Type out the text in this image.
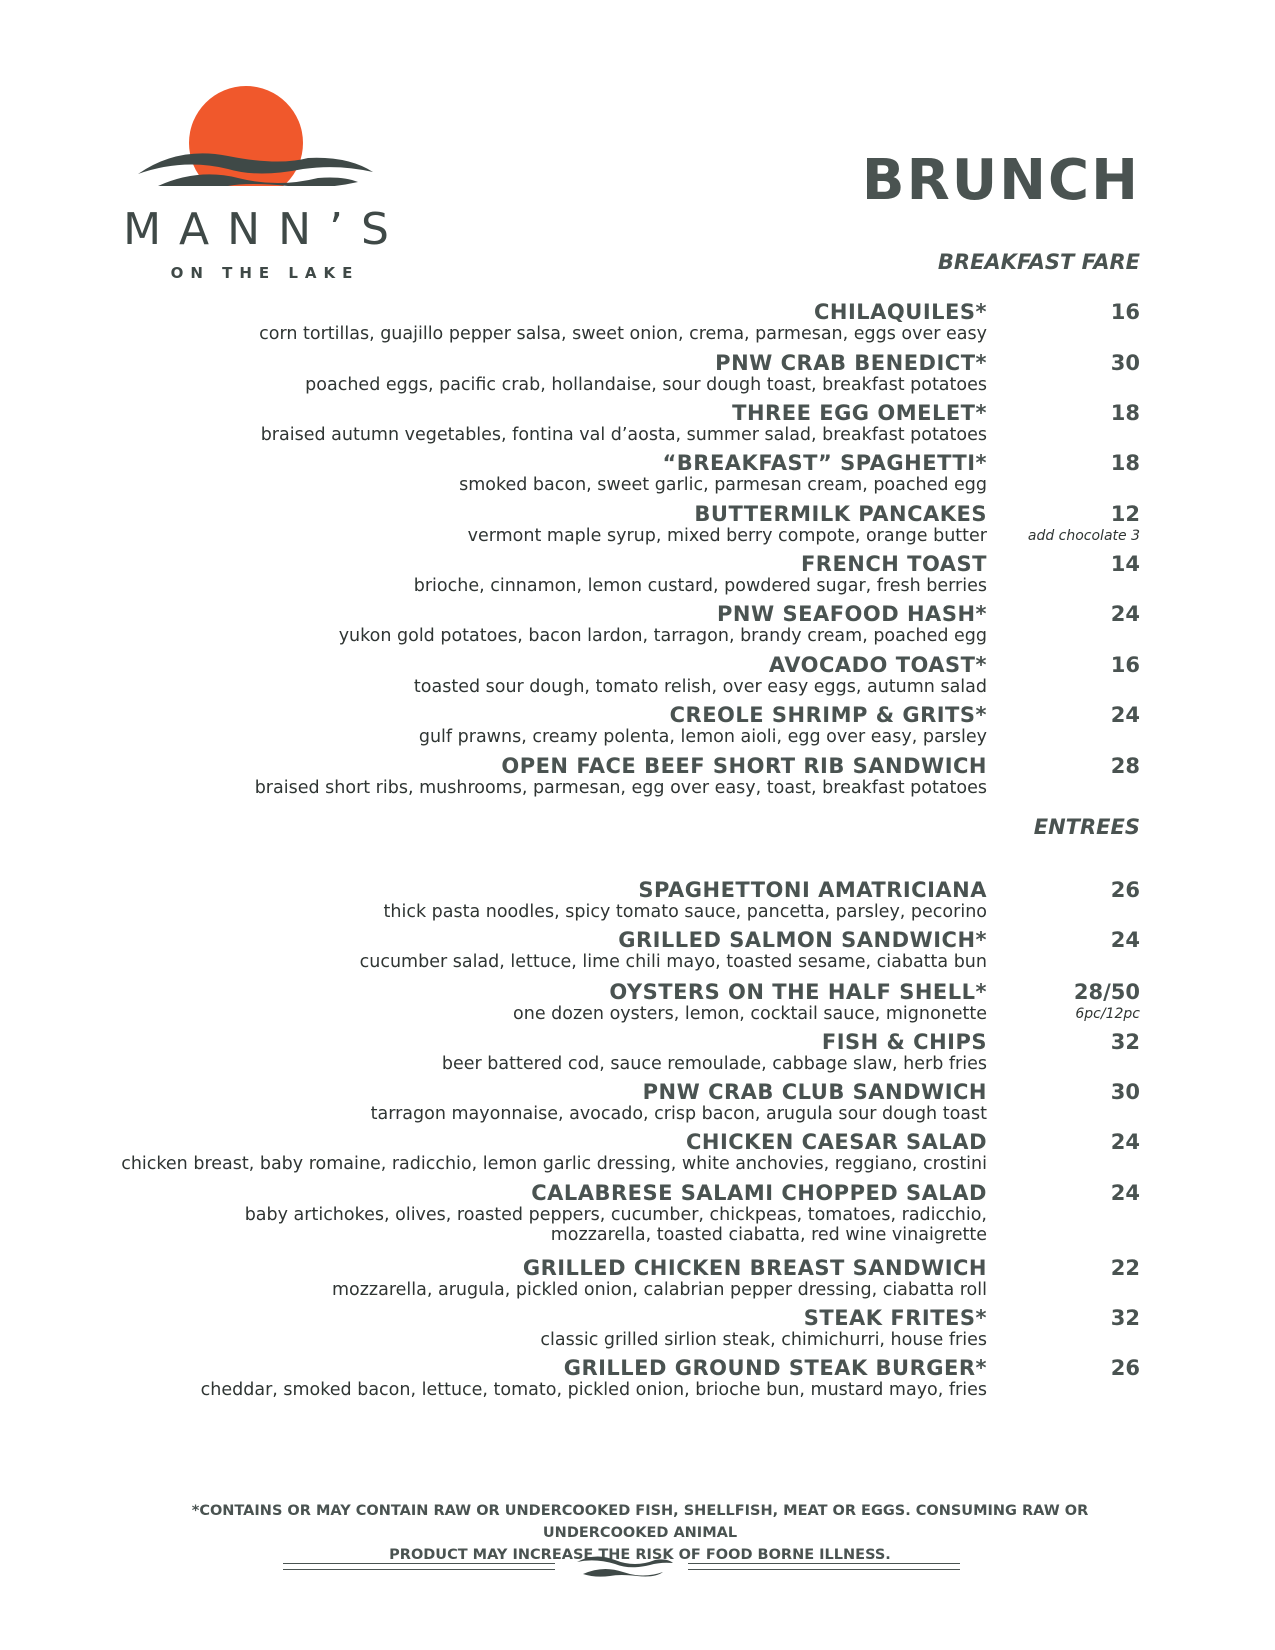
MANN’S
ON THE LAKE
BRUNCH
BREAKFAST FARE
ENTREES
CHILAQUILES*
corn tortillas, guajillo pepper salsa, sweet onion, crema, parmesan, eggs over easy
16
PNW CRAB BENEDICT*
poached eggs, pacific crab, hollandaise, sour dough toast, breakfast potatoes
30
THREE EGG OMELET*
braised autumn vegetables, fontina val d’aosta, summer salad, breakfast potatoes
18
“BREAKFAST” SPAGHETTI*
smoked bacon, sweet garlic, parmesan cream, poached egg
18
BUTTERMILK PANCAKES
vermont maple syrup, mixed berry compote, orange butter
12
add chocolate 3
FRENCH TOAST
brioche, cinnamon, lemon custard, powdered sugar, fresh berries
14
PNW SEAFOOD HASH*
yukon gold potatoes, bacon lardon, tarragon, brandy cream, poached egg
24
AVOCADO TOAST*
toasted sour dough, tomato relish, over easy eggs, autumn salad
16
CREOLE SHRIMP & GRITS*
gulf prawns, creamy polenta, lemon aioli, egg over easy, parsley
24
OPEN FACE BEEF SHORT RIB SANDWICH
braised short ribs, mushrooms, parmesan, egg over easy, toast, breakfast potatoes
28
SPAGHETTONI AMATRICIANA
thick pasta noodles, spicy tomato sauce, pancetta, parsley, pecorino
26
GRILLED SALMON SANDWICH*
cucumber salad, lettuce, lime chili mayo, toasted sesame, ciabatta bun
24
OYSTERS ON THE HALF SHELL*
one dozen oysters, lemon, cocktail sauce, mignonette
28/50
6pc/12pc
FISH & CHIPS
beer battered cod, sauce remoulade, cabbage slaw, herb fries
32
PNW CRAB CLUB SANDWICH
tarragon mayonnaise, avocado, crisp bacon, arugula sour dough toast
30
CHICKEN CAESAR SALAD
chicken breast, baby romaine, radicchio, lemon garlic dressing, white anchovies, reggiano, crostini
24
CALABRESE SALAMI CHOPPED SALAD
baby artichokes, olives, roasted peppers, cucumber, chickpeas, tomatoes, radicchio,
mozzarella, toasted ciabatta, red wine vinaigrette
24
GRILLED CHICKEN BREAST SANDWICH
mozzarella, arugula, pickled onion, calabrian pepper dressing, ciabatta roll
22
STEAK FRITES*
classic grilled sirlion steak, chimichurri, house fries
32
GRILLED GROUND STEAK BURGER*
cheddar, smoked bacon, lettuce, tomato, pickled onion, brioche bun, mustard mayo, fries
26
*CONTAINS OR MAY CONTAIN RAW OR UNDERCOOKED FISH, SHELLFISH, MEAT OR EGGS. CONSUMING RAW OR UNDERCOOKED ANIMAL
PRODUCT MAY INCREASE THE RISK OF FOOD BORNE ILLNESS.
